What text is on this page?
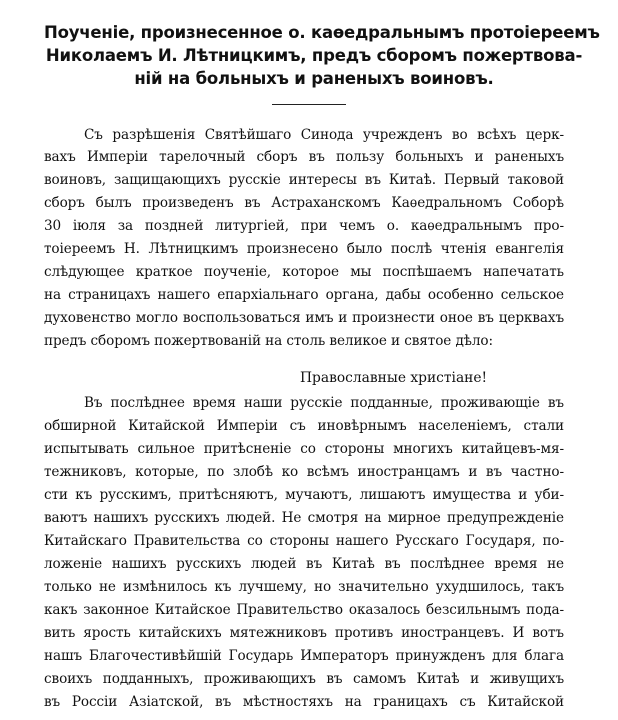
Поученіе, произнесенное о. каѳедральнымъ протоіереемъ
Николаемъ И. Лѣтницкимъ, предъ сборомъ пожертвова-
ній на больныхъ и раненыхъ воиновъ.
Съ разрѣшенія Святѣйшаго Синода учрежденъ во всѣхъ церк-
вахъ Имперіи тарелочный сборъ въ пользу больныхъ и раненыхъ
воиновъ, защищающихъ русскіе интересы въ Китаѣ. Первый таковой
сборъ былъ произведенъ въ Астраханскомъ Каѳедральномъ Соборѣ
30 іюля за поздней литургіей, при чемъ о. каѳедральнымъ про-
тоіереемъ Н. Лѣтницкимъ произнесено было послѣ чтенія евангелія
слѣдующее краткое поученіе, которое мы поспѣшаемъ напечатать
на страницахъ нашего епархіальнаго органа, дабы особенно сельское
духовенство могло воспользоваться имъ и произнести оное въ церквахъ
предъ сборомъ пожертвованій на столь великое и святое дѣло:
Православные христіане!
Въ послѣднее время наши русскіе подданные, проживающіе въ
обширной Китайской Имперіи съ иновѣрнымъ населеніемъ, стали
испытывать сильное притѣсненіе со стороны многихъ китайцевъ-мя-
тежниковъ, которые, по злобѣ ко всѣмъ иностранцамъ и въ частно-
сти къ русскимъ, притѣсняютъ, мучаютъ, лишаютъ имущества и уби-
ваютъ нашихъ русскихъ людей. Не смотря на мирное предупрежденіе
Китайскаго Правительства со стороны нашего Русскаго Государя, по-
ложеніе нашихъ русскихъ людей въ Китаѣ въ послѣднее время не
только не измѣнилось къ лучшему, но значительно ухудшилось, такъ
какъ законное Китайское Правительство оказалось безсильнымъ пода-
вить ярость китайскихъ мятежниковъ противъ иностранцевъ. И вотъ
нашъ Благочестивѣйшій Государь Императоръ принужденъ для блага
своихъ подданныхъ, проживающихъ въ самомъ Китаѣ и живущихъ
въ Россіи Азіатской, въ мѣстностяхъ на границахъ съ Китайской
